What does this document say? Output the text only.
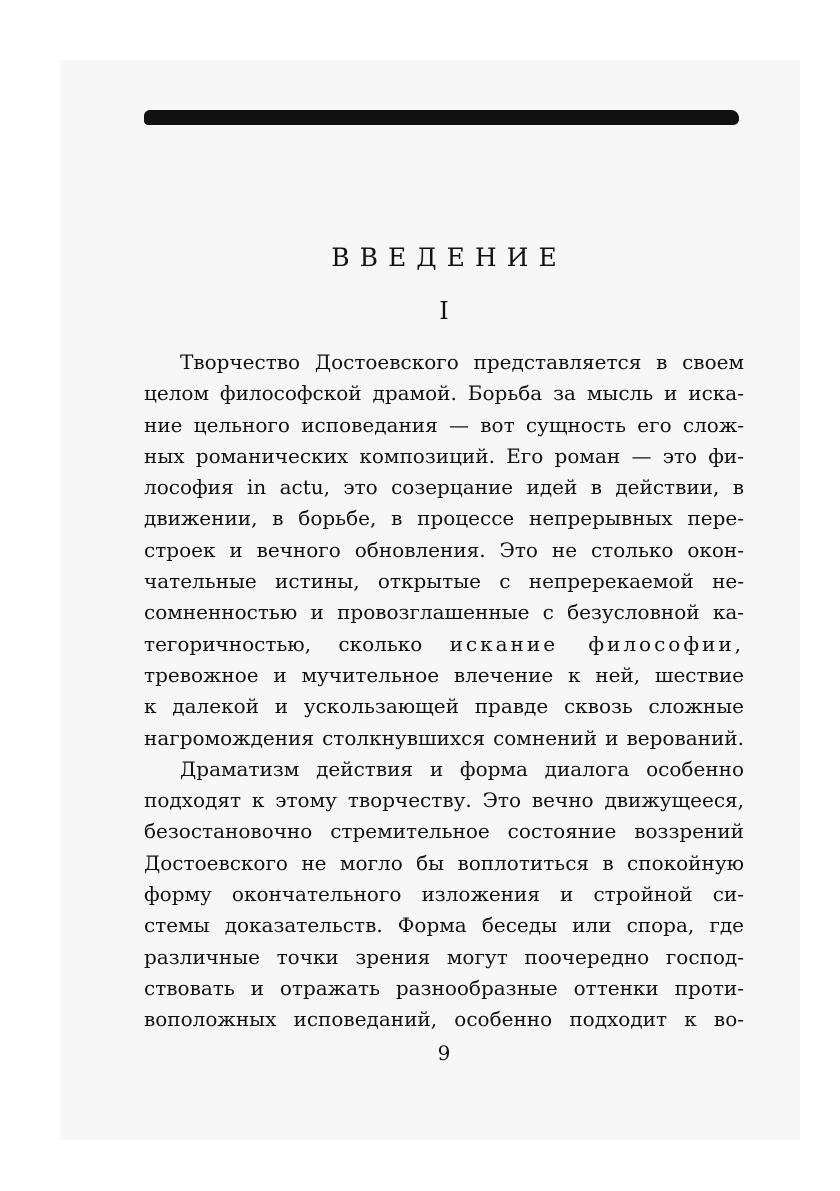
ВВЕДЕНИЕ
I
Творчество Достоевского представляется в своем
целом философской драмой. Борьба за мысль и иска-
ние цельного исповедания — вот сущность его слож-
ных романических композиций. Его роман — это фи-
лософия in actu, это созерцание идей в действии, в
движении, в борьбе, в процессе непрерывных пере-
строек и вечного обновления. Это не столько окон-
чательные истины, открытые с непререкаемой не-
сомненностью и провозглашенные с безусловной ка-
тегоричностью, сколько искание философии,
тревожное и мучительное влечение к ней, шествие
к далекой и ускользающей правде сквозь сложные
нагромождения столкнувшихся сомнений и верований.
Драматизм действия и форма диалога особенно
подходят к этому творчеству. Это вечно движущееся,
безостановочно стремительное состояние воззрений
Достоевского не могло бы воплотиться в спокойную
форму окончательного изложения и стройной си-
стемы доказательств. Форма беседы или спора, где
различные точки зрения могут поочередно господ-
ствовать и отражать разнообразные оттенки проти-
воположных исповеданий, особенно подходит к во-
9
